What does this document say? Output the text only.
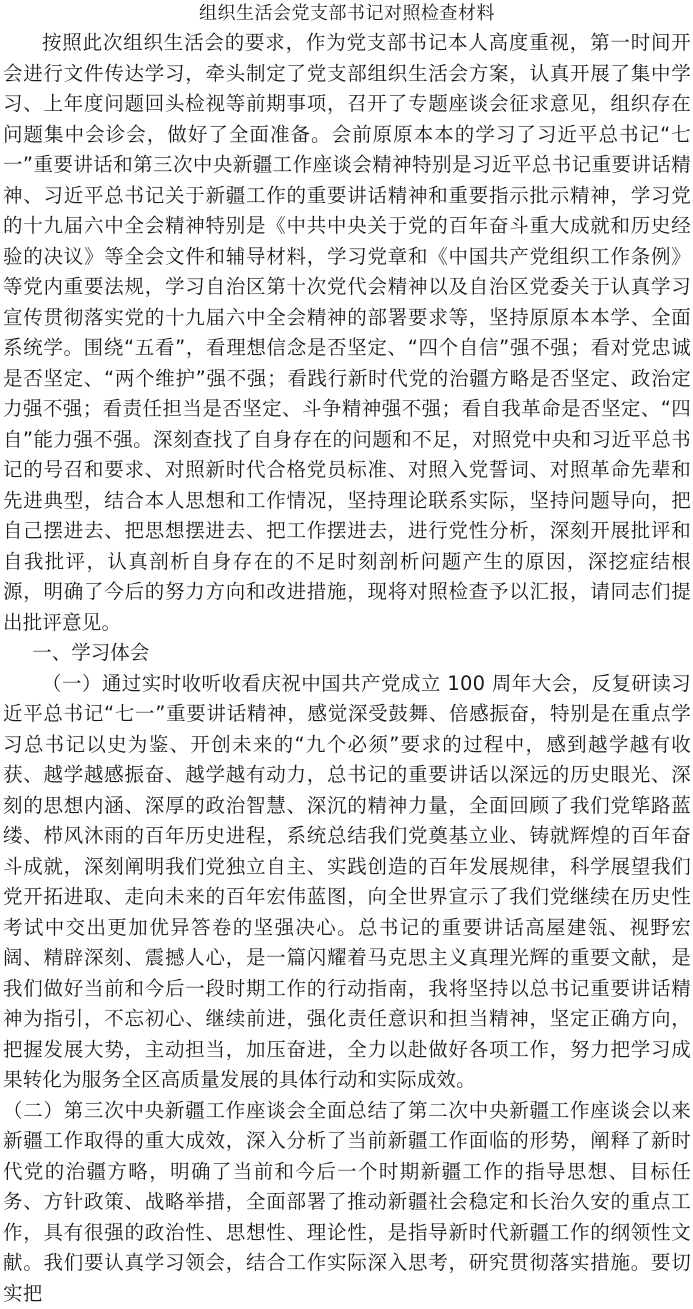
组织生活会党支部书记对照检查材料

按照此次组织生活会的要求，作为党支部书记本人高度重视，第一时间开会进行文件传达学习，牵头制定了党支部组织生活会方案，认真开展了集中学习、上年度问题回头检视等前期事项，召开了专题座谈会征求意见，组织存在问题集中会诊会，做好了全面准备。会前原原本本的学习了习近平总书记“七一”重要讲话和第三次中央新疆工作座谈会精神特别是习近平总书记重要讲话精神、习近平总书记关于新疆工作的重要讲话精神和重要指示批示精神，学习党的十九届六中全会精神特别是《中共中央关于党的百年奋斗重大成就和历史经验的决议》等全会文件和辅导材料，学习党章和《中国共产党组织工作条例》等党内重要法规，学习自治区第十次党代会精神以及自治区党委关于认真学习宣传贯彻落实党的十九届六中全会精神的部署要求等，坚持原原本本学、全面系统学。围绕“五看”，看理想信念是否坚定、“四个自信”强不强；看对党忠诚是否坚定、“两个维护”强不强；看践行新时代党的治疆方略是否坚定、政治定力强不强；看责任担当是否坚定、斗争精神强不强；看自我革命是否坚定、“四自”能力强不强。深刻查找了自身存在的问题和不足，对照党中央和习近平总书记的号召和要求、对照新时代合格党员标准、对照入党誓词、对照革命先辈和先进典型，结合本人思想和工作情况，坚持理论联系实际，坚持问题导向，把自己摆进去、把思想摆进去、把工作摆进去，进行党性分析，深刻开展批评和自我批评，认真剖析自身存在的不足时刻剖析问题产生的原因，深挖症结根源，明确了今后的努力方向和改进措施，现将对照检查予以汇报，请同志们提出批评意见。

一、学习体会

（一）通过实时收听收看庆祝中国共产党成立 100 周年大会，反复研读习近平总书记“七一”重要讲话精神，感觉深受鼓舞、倍感振奋，特别是在重点学习总书记以史为鉴、开创未来的“九个必须”要求的过程中，感到越学越有收获、越学越感振奋、越学越有动力，总书记的重要讲话以深远的历史眼光、深刻的思想内涵、深厚的政治智慧、深沉的精神力量，全面回顾了我们党筚路蓝缕、栉风沐雨的百年历史进程，系统总结我们党奠基立业、铸就辉煌的百年奋斗成就，深刻阐明我们党独立自主、实践创造的百年发展规律，科学展望我们党开拓进取、走向未来的百年宏伟蓝图，向全世界宣示了我们党继续在历史性考试中交出更加优异答卷的坚强决心。总书记的重要讲话高屋建瓴、视野宏阔、精辟深刻、震撼人心，是一篇闪耀着马克思主义真理光辉的重要文献，是我们做好当前和今后一段时期工作的行动指南，我将坚持以总书记重要讲话精神为指引，不忘初心、继续前进，强化责任意识和担当精神，坚定正确方向，把握发展大势，主动担当，加压奋进，全力以赴做好各项工作，努力把学习成果转化为服务全区高质量发展的具体行动和实际成效。

（二）第三次中央新疆工作座谈会全面总结了第二次中央新疆工作座谈会以来新疆工作取得的重大成效，深入分析了当前新疆工作面临的形势，阐释了新时代党的治疆方略，明确了当前和今后一个时期新疆工作的指导思想、目标任务、方针政策、战略举措，全面部署了推动新疆社会稳定和长治久安的重点工作，具有很强的政治性、思想性、理论性，是指导新时代新疆工作的纲领性文献。我们要认真学习领会，结合工作实际深入思考，研究贯彻落实措施。要切实把
